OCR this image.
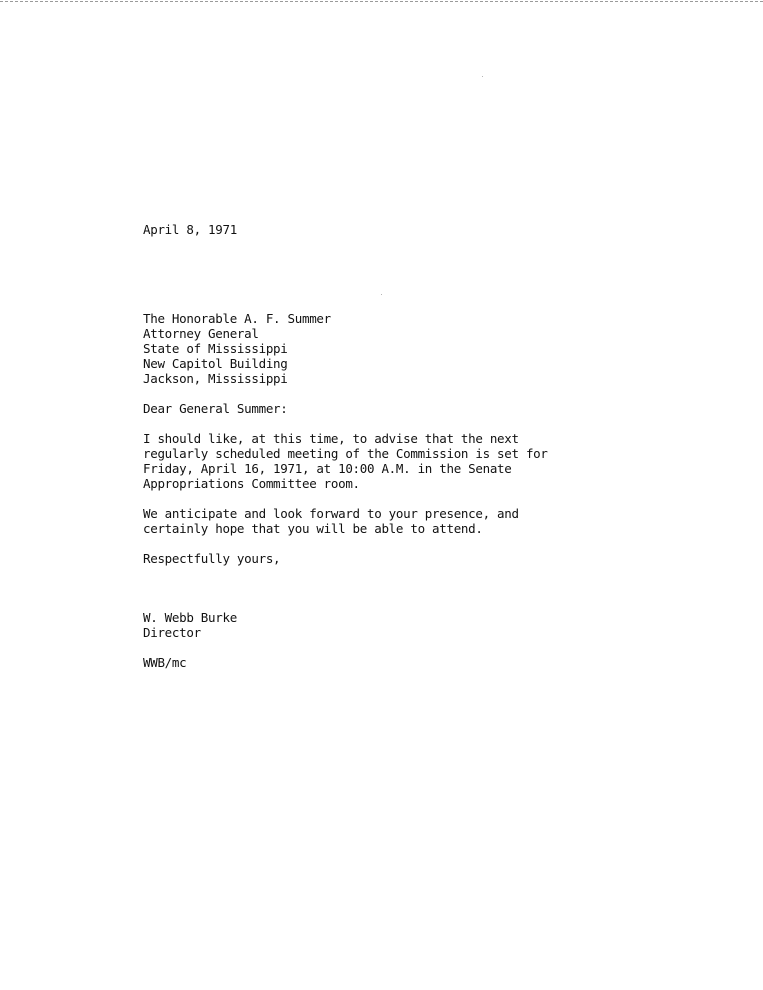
April 8, 1971
The Honorable A. F. Summer
Attorney General
State of Mississippi
New Capitol Building
Jackson, Mississippi
Dear General Summer:
I should like, at this time, to advise that the next
regularly scheduled meeting of the Commission is set for
Friday, April 16, 1971, at 10:00 A.M. in the Senate
Appropriations Committee room.
We anticipate and look forward to your presence, and
certainly hope that you will be able to attend.
Respectfully yours,
W. Webb Burke
Director
WWB/mc
